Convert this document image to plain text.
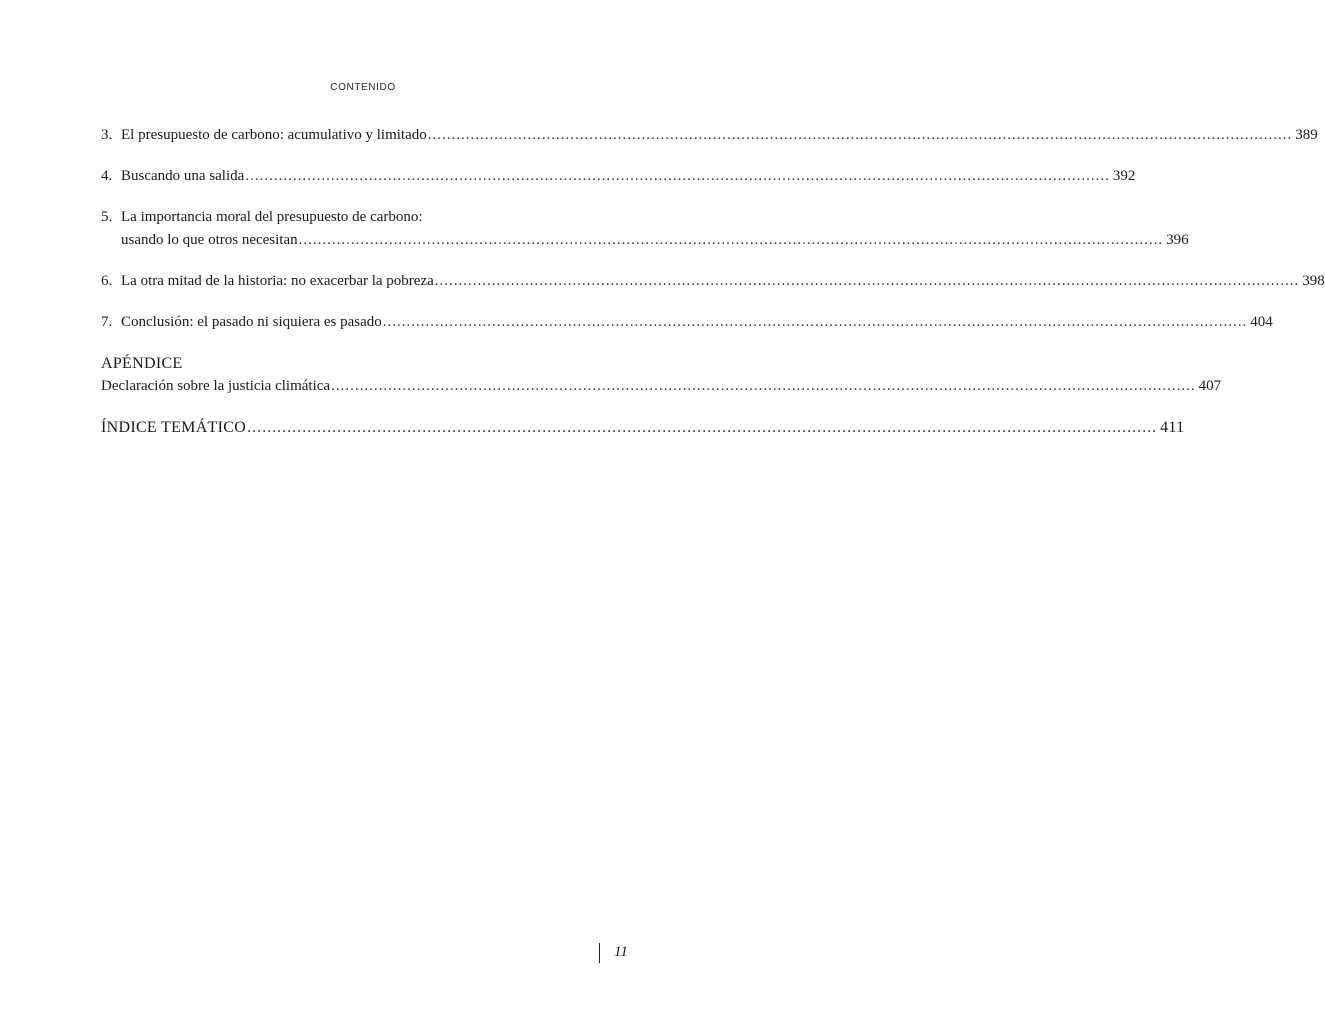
CONTENIDO
3. El presupuesto de carbono: acumulativo y limitado ...................................................................................................................................................................................... 389
4. Buscando una salida ...................................................................................................................................................................................... 392
5. La importancia moral del presupuesto de carbono:
usando lo que otros necesitan ...................................................................................................................................................................................... 396
6. La otra mitad de la historia: no exacerbar la pobreza ...................................................................................................................................................................................... 398
7. Conclusión: el pasado ni siquiera es pasado ...................................................................................................................................................................................... 404
APÉNDICE
Declaración sobre la justicia climática ...................................................................................................................................................................................... 407
ÍNDICE TEMÁTICO ...................................................................................................................................................................................... 411
11
